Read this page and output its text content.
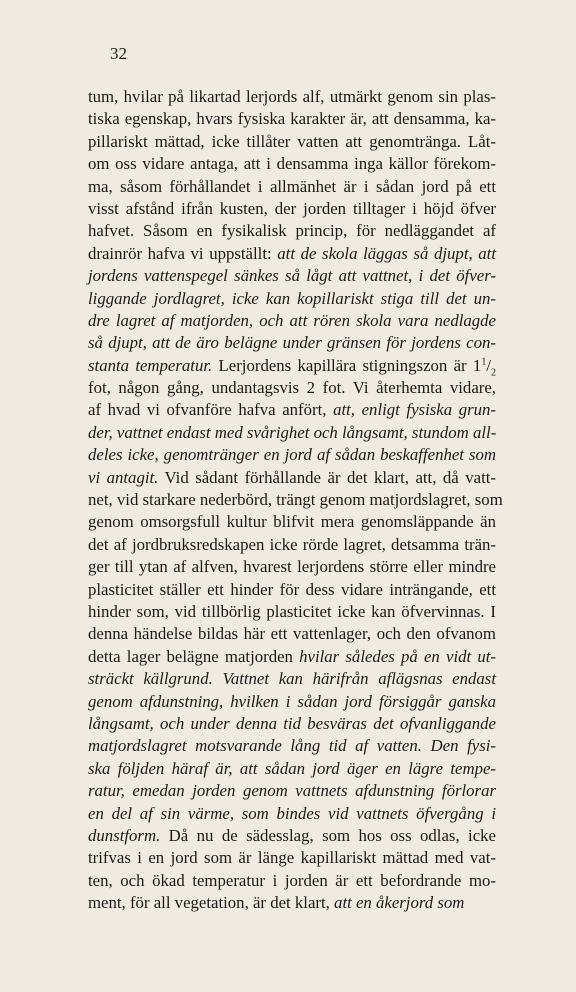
32
tum, hvilar på likartad lerjords alf, utmärkt genom sin plas-
tiska egenskap, hvars fysiska karakter är, att densamma, ka-
pillariskt mättad, icke tillåter vatten att genomtränga. Låt-
om oss vidare antaga, att i densamma inga källor förekom-
ma, såsom förhållandet i allmänhet är i sådan jord på ett
visst afstånd ifrån kusten, der jorden tilltager i höjd öfver
hafvet. Såsom en fysikalisk princip, för nedläggandet af
drainrör hafva vi uppställt: att de skola läggas så djupt, att
jordens vattenspegel sänkes så lågt att vattnet, i det öfver-
liggande jordlagret, icke kan kopillariskt stiga till det un-
dre lagret af matjorden, och att rören skola vara nedlagde
så djupt, att de äro belägne under gränsen för jordens con-
stanta temperatur. Lerjordens kapillära stigningszon är $1^1/_2$
fot, någon gång, undantagsvis 2 fot. Vi återhemta vidare,
af hvad vi ofvanföre hafva anfört, att, enligt fysiska grun-
der, vattnet endast med svårighet och långsamt, stundom all-
deles icke, genomtränger en jord af sådan beskaffenhet som
vi antagit. Vid sådant förhållande är det klart, att, då vatt-
net, vid starkare nederbörd, trängt genom matjordslagret, som
genom omsorgsfull kultur blifvit mera genomsläppande än
det af jordbruksredskapen icke rörde lagret, detsamma trän-
ger till ytan af alfven, hvarest lerjordens större eller mindre
plasticitet ställer ett hinder för dess vidare inträngande, ett
hinder som, vid tillbörlig plasticitet icke kan öfvervinnas. I
denna händelse bildas här ett vattenlager, och den ofvanom
detta lager belägne matjorden hvilar således på en vidt ut-
sträckt källgrund. Vattnet kan härifrån aflägsnas endast
genom afdunstning, hvilken i sådan jord försiggår ganska
långsamt, och under denna tid besväras det ofvanliggande
matjordslagret motsvarande lång tid af vatten. Den fysi-
ska följden häraf är, att sådan jord äger en lägre tempe-
ratur, emedan jorden genom vattnets afdunstning förlorar
en del af sin värme, som bindes vid vattnets öfvergång i
dunstform. Då nu de sädesslag, som hos oss odlas, icke
trifvas i en jord som är länge kapillariskt mättad med vat-
ten, och ökad temperatur i jorden är ett befordrande mo-
ment, för all vegetation, är det klart, att en åkerjord som
